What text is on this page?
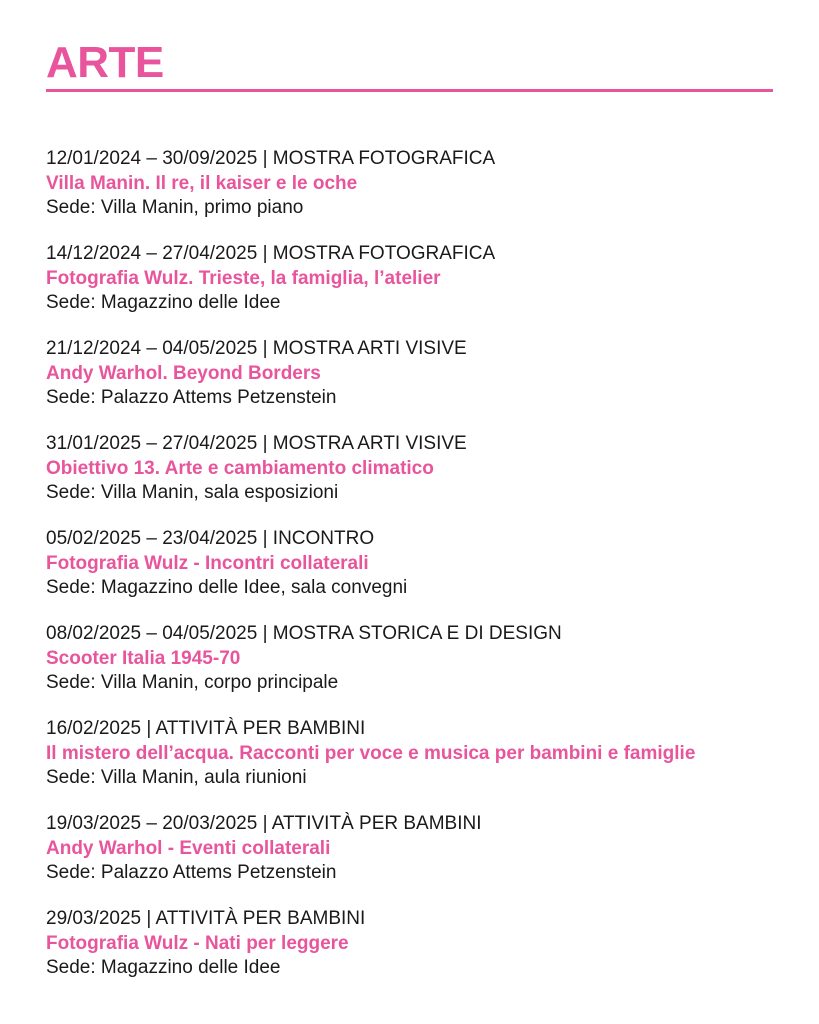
ARTE
12/01/2024 – 30/09/2025 | MOSTRA FOTOGRAFICA
Villa Manin. Il re, il kaiser e le oche
Sede: Villa Manin, primo piano
14/12/2024 – 27/04/2025 | MOSTRA FOTOGRAFICA
Fotografia Wulz. Trieste, la famiglia, l’atelier
Sede: Magazzino delle Idee
21/12/2024 – 04/05/2025 | MOSTRA ARTI VISIVE
Andy Warhol. Beyond Borders
Sede: Palazzo Attems Petzenstein
31/01/2025 – 27/04/2025 | MOSTRA ARTI VISIVE
Obiettivo 13. Arte e cambiamento climatico
Sede: Villa Manin, sala esposizioni
05/02/2025 – 23/04/2025 | INCONTRO
Fotografia Wulz - Incontri collaterali
Sede: Magazzino delle Idee, sala convegni
08/02/2025 – 04/05/2025 | MOSTRA STORICA E DI DESIGN
Scooter Italia 1945-70
Sede: Villa Manin, corpo principale
16/02/2025 | ATTIVITÀ PER BAMBINI
Il mistero dell’acqua. Racconti per voce e musica per bambini e famiglie
Sede: Villa Manin, aula riunioni
19/03/2025 – 20/03/2025 | ATTIVITÀ PER BAMBINI
Andy Warhol - Eventi collaterali
Sede: Palazzo Attems Petzenstein
29/03/2025 | ATTIVITÀ PER BAMBINI
Fotografia Wulz - Nati per leggere
Sede: Magazzino delle Idee
